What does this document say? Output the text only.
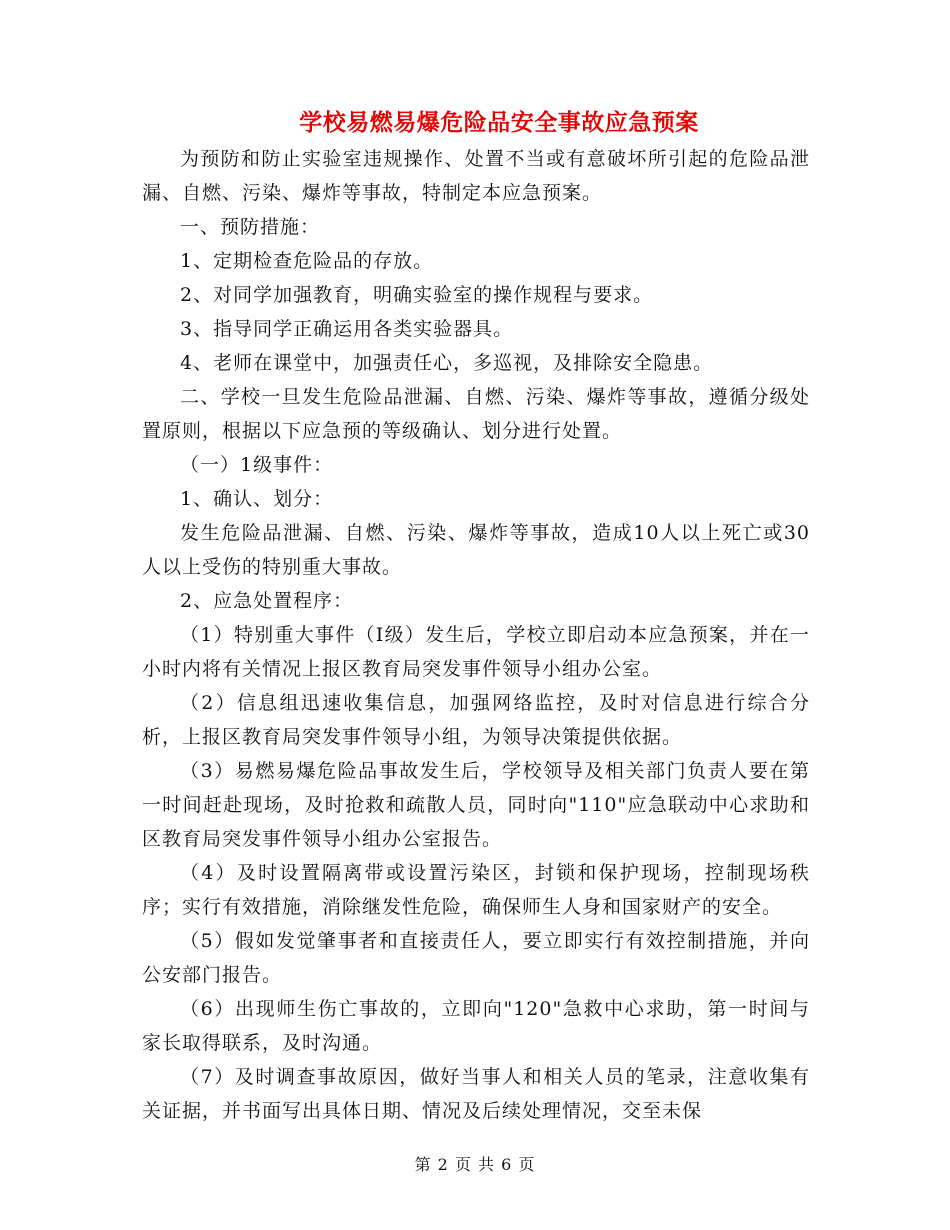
学校易燃易爆危险品安全事故应急预案

为预防和防止实验室违规操作、处置不当或有意破坏所引起的危险品泄漏、自燃、污染、爆炸等事故，特制定本应急预案。

一、预防措施：

1、定期检查危险品的存放。

2、对同学加强教育，明确实验室的操作规程与要求。

3、指导同学正确运用各类实验器具。

4、老师在课堂中，加强责任心，多巡视，及排除安全隐患。

二、学校一旦发生危险品泄漏、自燃、污染、爆炸等事故，遵循分级处置原则，根据以下应急预的等级确认、划分进行处置。

（一）1级事件：

1、确认、划分：

发生危险品泄漏、自燃、污染、爆炸等事故，造成10人以上死亡或30人以上受伤的特别重大事故。

2、应急处置程序：

（1）特别重大事件（Ⅰ级）发生后，学校立即启动本应急预案，并在一小时内将有关情况上报区教育局突发事件领导小组办公室。

（2）信息组迅速收集信息，加强网络监控，及时对信息进行综合分析，上报区教育局突发事件领导小组，为领导决策提供依据。

（3）易燃易爆危险品事故发生后，学校领导及相关部门负责人要在第一时间赶赴现场，及时抢救和疏散人员，同时向"110"应急联动中心求助和区教育局突发事件领导小组办公室报告。

（4）及时设置隔离带或设置污染区，封锁和保护现场，控制现场秩序；实行有效措施，消除继发性危险，确保师生人身和国家财产的安全。

（5）假如发觉肇事者和直接责任人，要立即实行有效控制措施，并向公安部门报告。

（6）出现师生伤亡事故的，立即向"120"急救中心求助，第一时间与家长取得联系，及时沟通。

（7）及时调查事故原因，做好当事人和相关人员的笔录，注意收集有关证据，并书面写出具体日期、情况及后续处理情况，交至未保

第 2 页 共 6 页
